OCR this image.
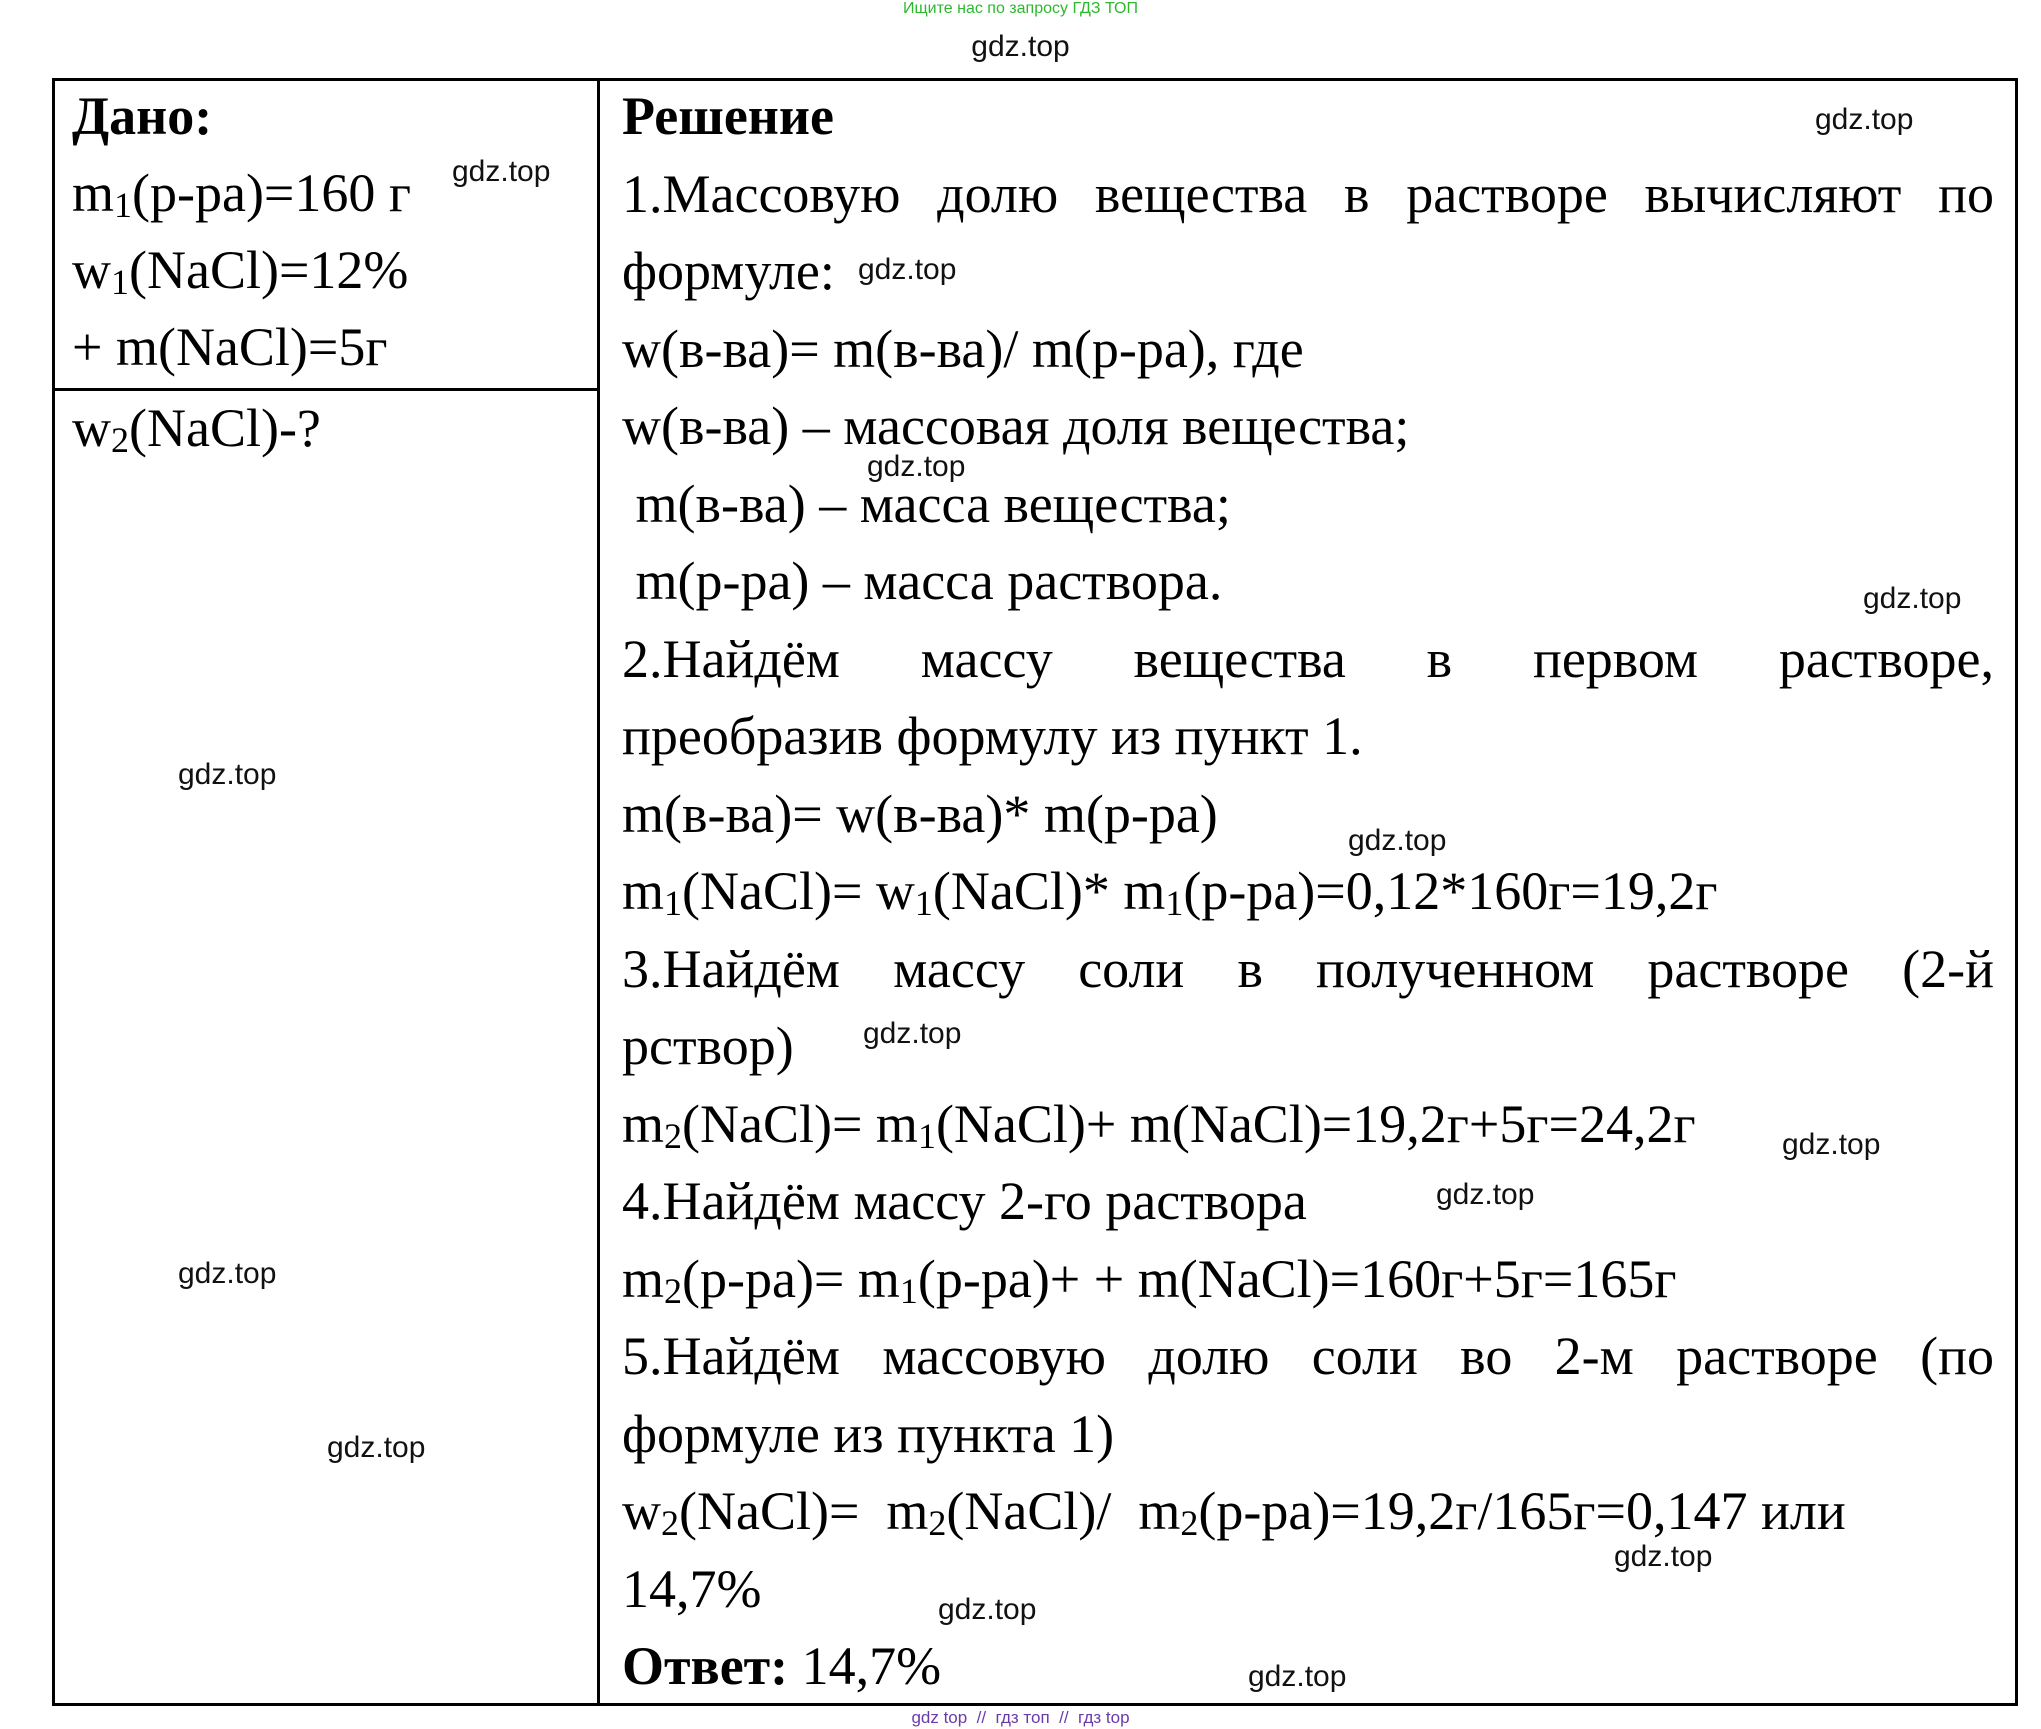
Ищите нас по запросу ГДЗ ТОП
gdz.top
Дано:
$m_1(р-ра)=160$ г
$w_1(NaCl)=12\%$
+ m(NaCl)=5г
$w_2(NaCl)-$?
Решение
1.Массовую долю вещества в растворе вычисляют по
формуле:
w(в-ва)= m(в-ва)/ m(р-ра), где
w(в-ва) – массовая доля вещества;
m(в-ва) – масса вещества;
m(р-ра) – масса раствора.
2.Найдём массу вещества в первом растворе,
преобразив формулу из пункт 1.
m(в-ва)= w(в-ва)* m(р-ра)
$m_1(NaCl)=$ $w_1(NaCl)*$ $m_1(р-ра)=0,12*160г=19,2г$
3.Найдём массу соли в полученном растворе (2-й
рствор)
$m_2(NaCl)=$ $m_1(NaCl)+$ m(NaCl)=19,2г+5г=24,2г
4.Найдём массу 2-го раствора
$m_2(р-ра)= m_1(р-ра)+$ + m(NaCl)=160г+5г=165г
5.Найдём массовую долю соли во 2-м растворе (по
формуле из пункта 1)
$w_2(NaCl)=$  $m_2(NaCl)/$  $m_2(р-ра)=19,2г/165г=0,147$ или
14,7%
Ответ: 14,7%
gdz.top
gdz.top
gdz.top
gdz.top
gdz.top
gdz.top
gdz.top
gdz.top
gdz.top
gdz.top
gdz.top
gdz.top
gdz.top
gdz.top
gdz.top
gdz top  //  гдз топ  //  гдз top
